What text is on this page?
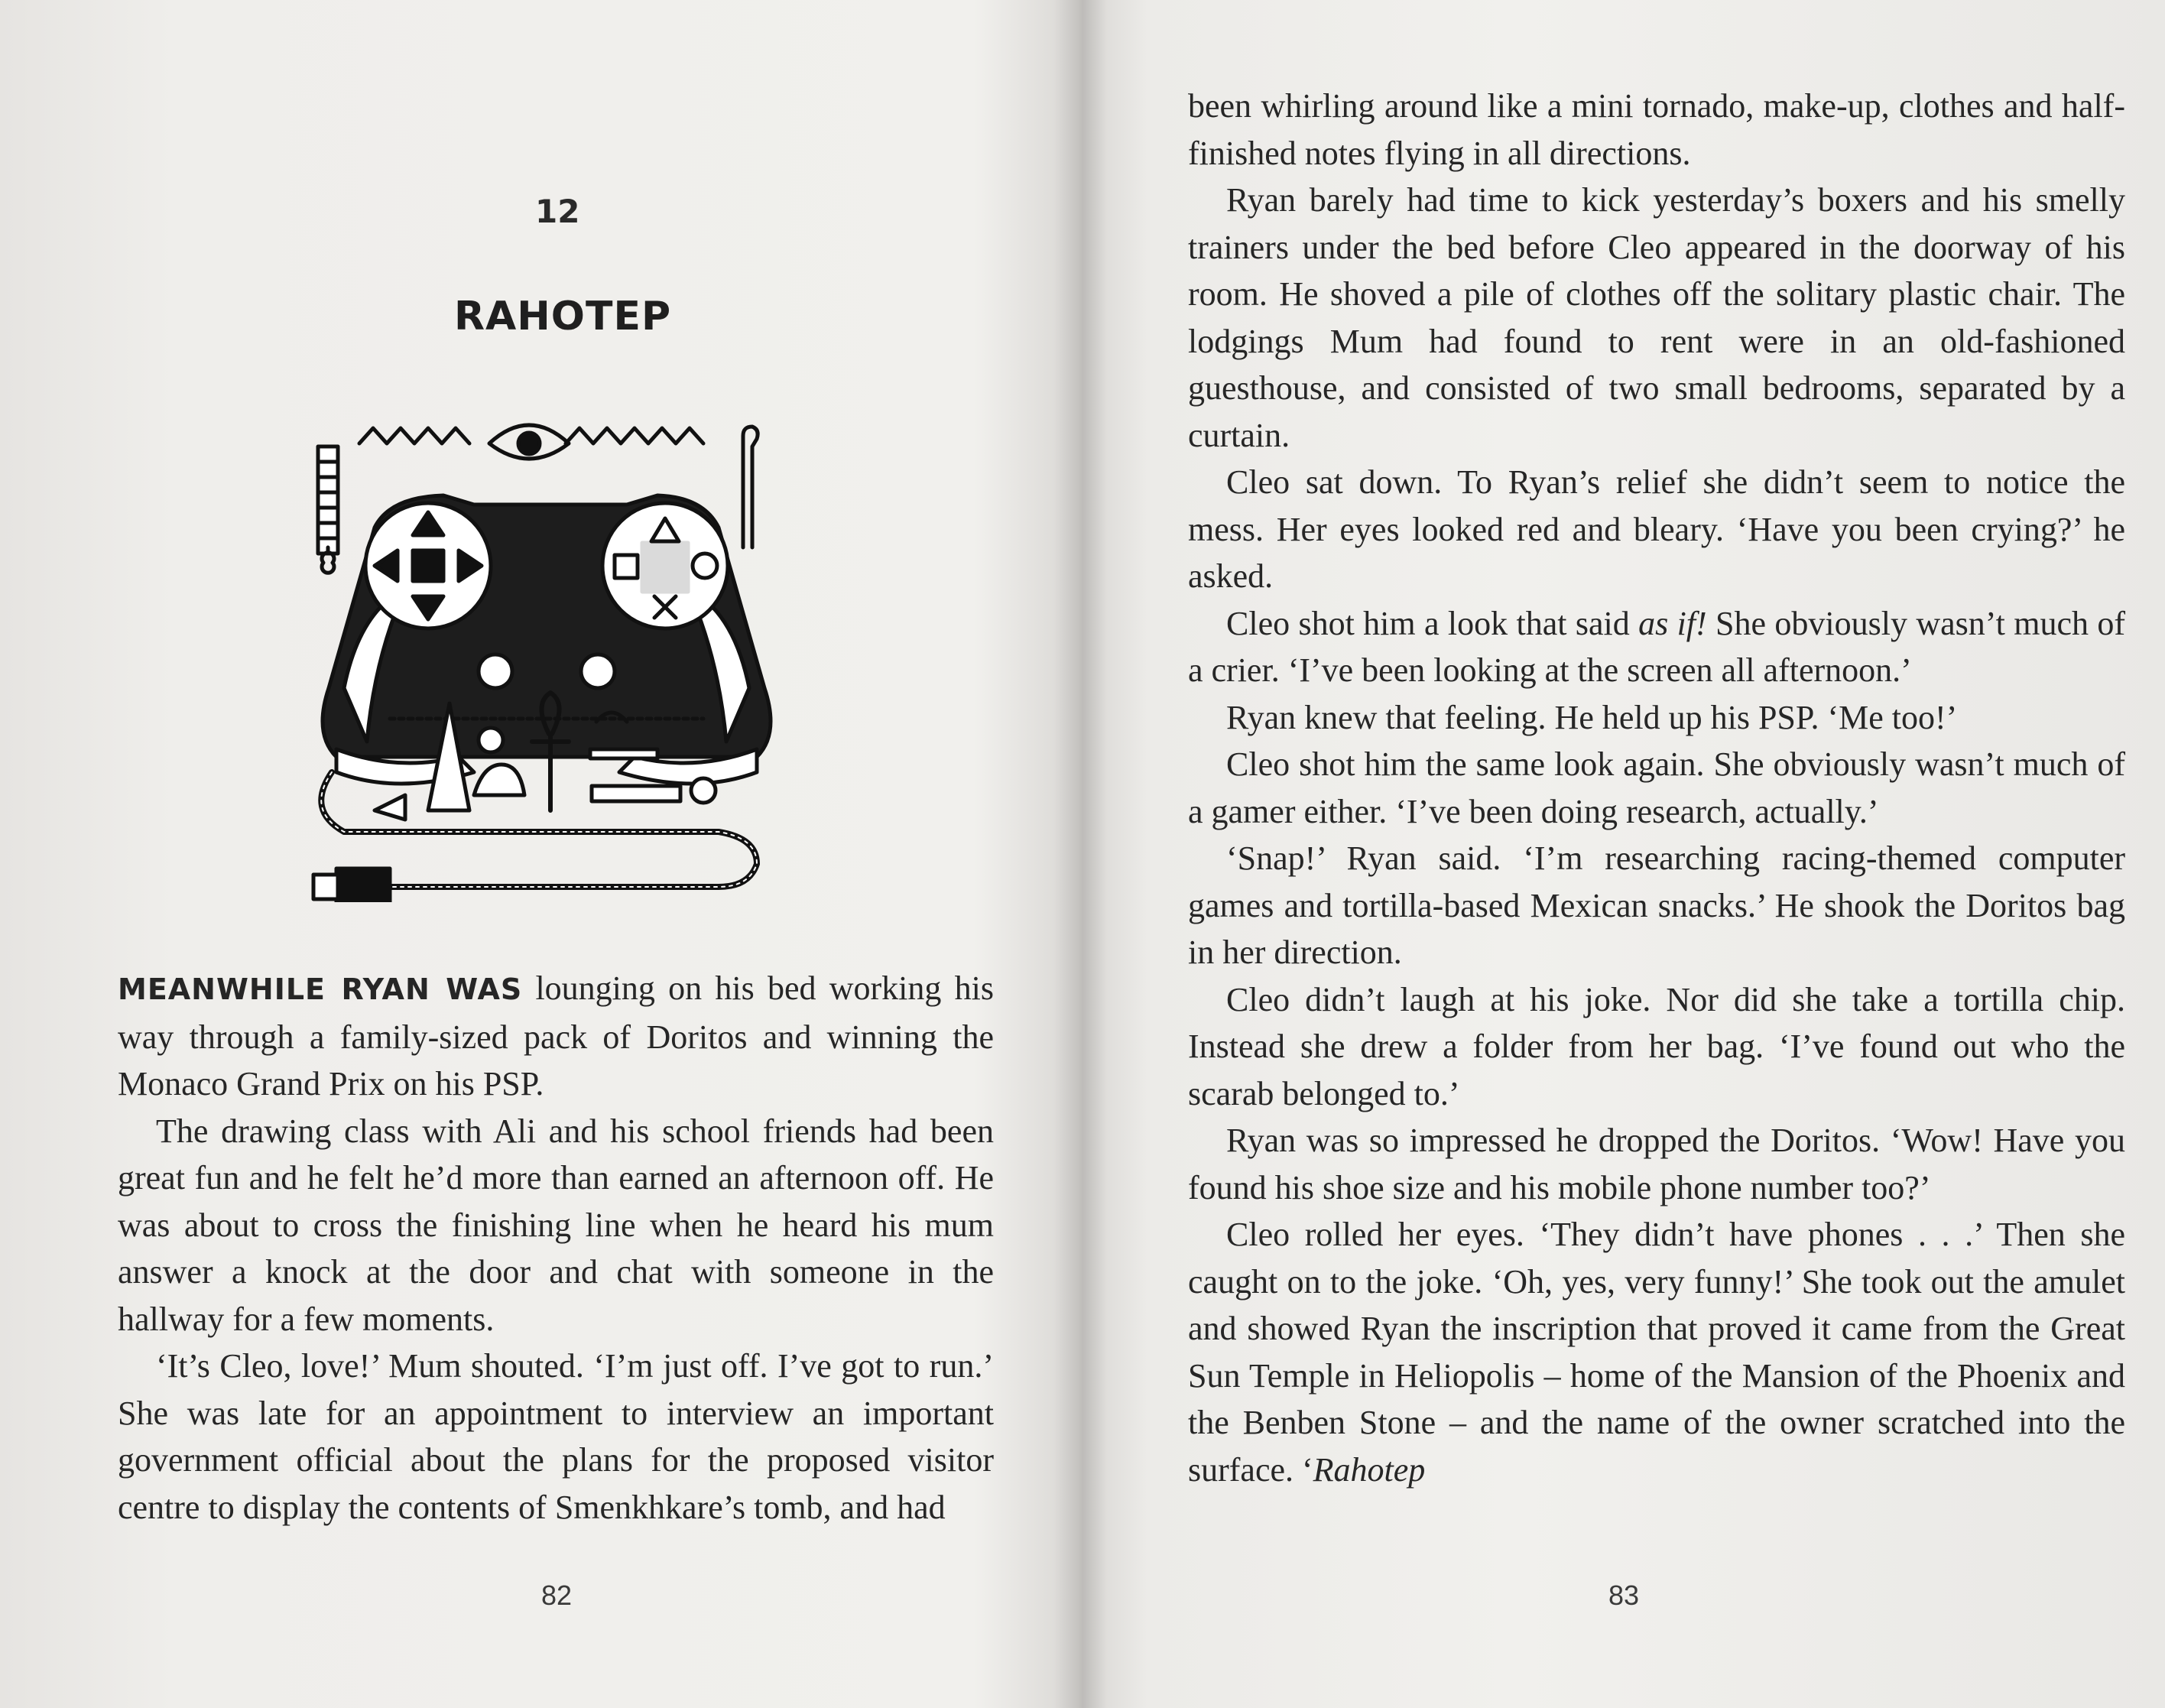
12
RAHOTEP

MEANWHILE RYAN WAS lounging on his bed working his way through a family-sized pack of Doritos and winning the Monaco Grand Prix on his PSP.

The drawing class with Ali and his school friends had been great fun and he felt he’d more than earned an afternoon off. He was about to cross the finishing line when he heard his mum answer a knock at the door and chat with someone in the hallway for a few moments.

‘It’s Cleo, love!’ Mum shouted. ‘I’m just off. I’ve got to run.’ She was late for an appointment to interview an important government official about the plans for the proposed visitor centre to display the contents of Smenkhkare’s tomb, and had

82

been whirling around like a mini tornado, make-up, clothes and half-finished notes flying in all directions.

Ryan barely had time to kick yesterday’s boxers and his smelly trainers under the bed before Cleo appeared in the doorway of his room. He shoved a pile of clothes off the solitary plastic chair. The lodgings Mum had found to rent were in an old-fashioned guesthouse, and consisted of two small bedrooms, separated by a curtain.

Cleo sat down. To Ryan’s relief she didn’t seem to notice the mess. Her eyes looked red and bleary. ‘Have you been crying?’ he asked.

Cleo shot him a look that said as if! She obviously wasn’t much of a crier. ‘I’ve been looking at the screen all afternoon.’

Ryan knew that feeling. He held up his PSP. ‘Me too!’

Cleo shot him the same look again. She obviously wasn’t much of a gamer either. ‘I’ve been doing research, actually.’

‘Snap!’ Ryan said. ‘I’m researching racing-themed computer games and tortilla-based Mexican snacks.’ He shook the Doritos bag in her direction.

Cleo didn’t laugh at his joke. Nor did she take a tortilla chip. Instead she drew a folder from her bag. ‘I’ve found out who the scarab belonged to.’

Ryan was so impressed he dropped the Doritos. ‘Wow! Have you found his shoe size and his mobile phone number too?’

Cleo rolled her eyes. ‘They didn’t have phones . . .’ Then she caught on to the joke. ‘Oh, yes, very funny!’ She took out the amulet and showed Ryan the inscription that proved it came from the Great Sun Temple in Heliopolis – home of the Mansion of the Phoenix and the Benben Stone – and the name of the owner scratched into the surface. ‘Rahotep

83
